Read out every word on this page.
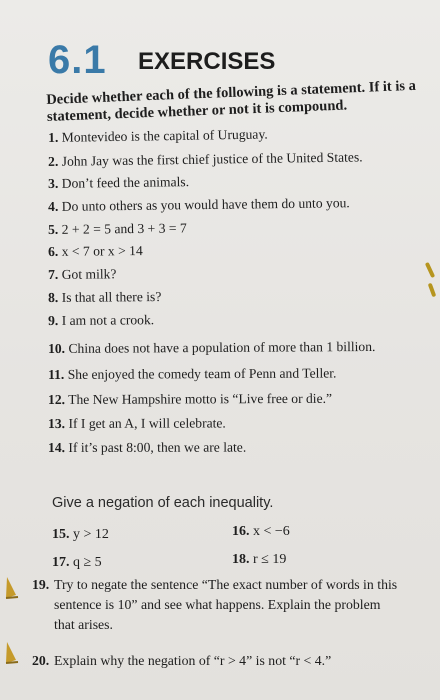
6.1 EXERCISES
Decide whether each of the following is a statement. If it is a statement, decide whether or not it is compound.
1. Montevideo is the capital of Uruguay.
2. John Jay was the first chief justice of the United States.
3. Don’t feed the animals.
4. Do unto others as you would have them do unto you.
5. 2 + 2 = 5 and 3 + 3 = 7
6. x < 7 or x > 14
7. Got milk?
8. Is that all there is?
9. I am not a crook.
10. China does not have a population of more than 1 billion.
11. She enjoyed the comedy team of Penn and Teller.
12. The New Hampshire motto is “Live free or die.”
13. If I get an A, I will celebrate.
14. If it’s past 8:00, then we are late.
Give a negation of each inequality.
15. y > 12	16. x < −6
17. q ≥ 5	18. r ≤ 19
19. Try to negate the sentence “The exact number of words in this
sentence is 10” and see what happens. Explain the problem
that arises.
20. Explain why the negation of “r > 4” is not “r < 4.”
